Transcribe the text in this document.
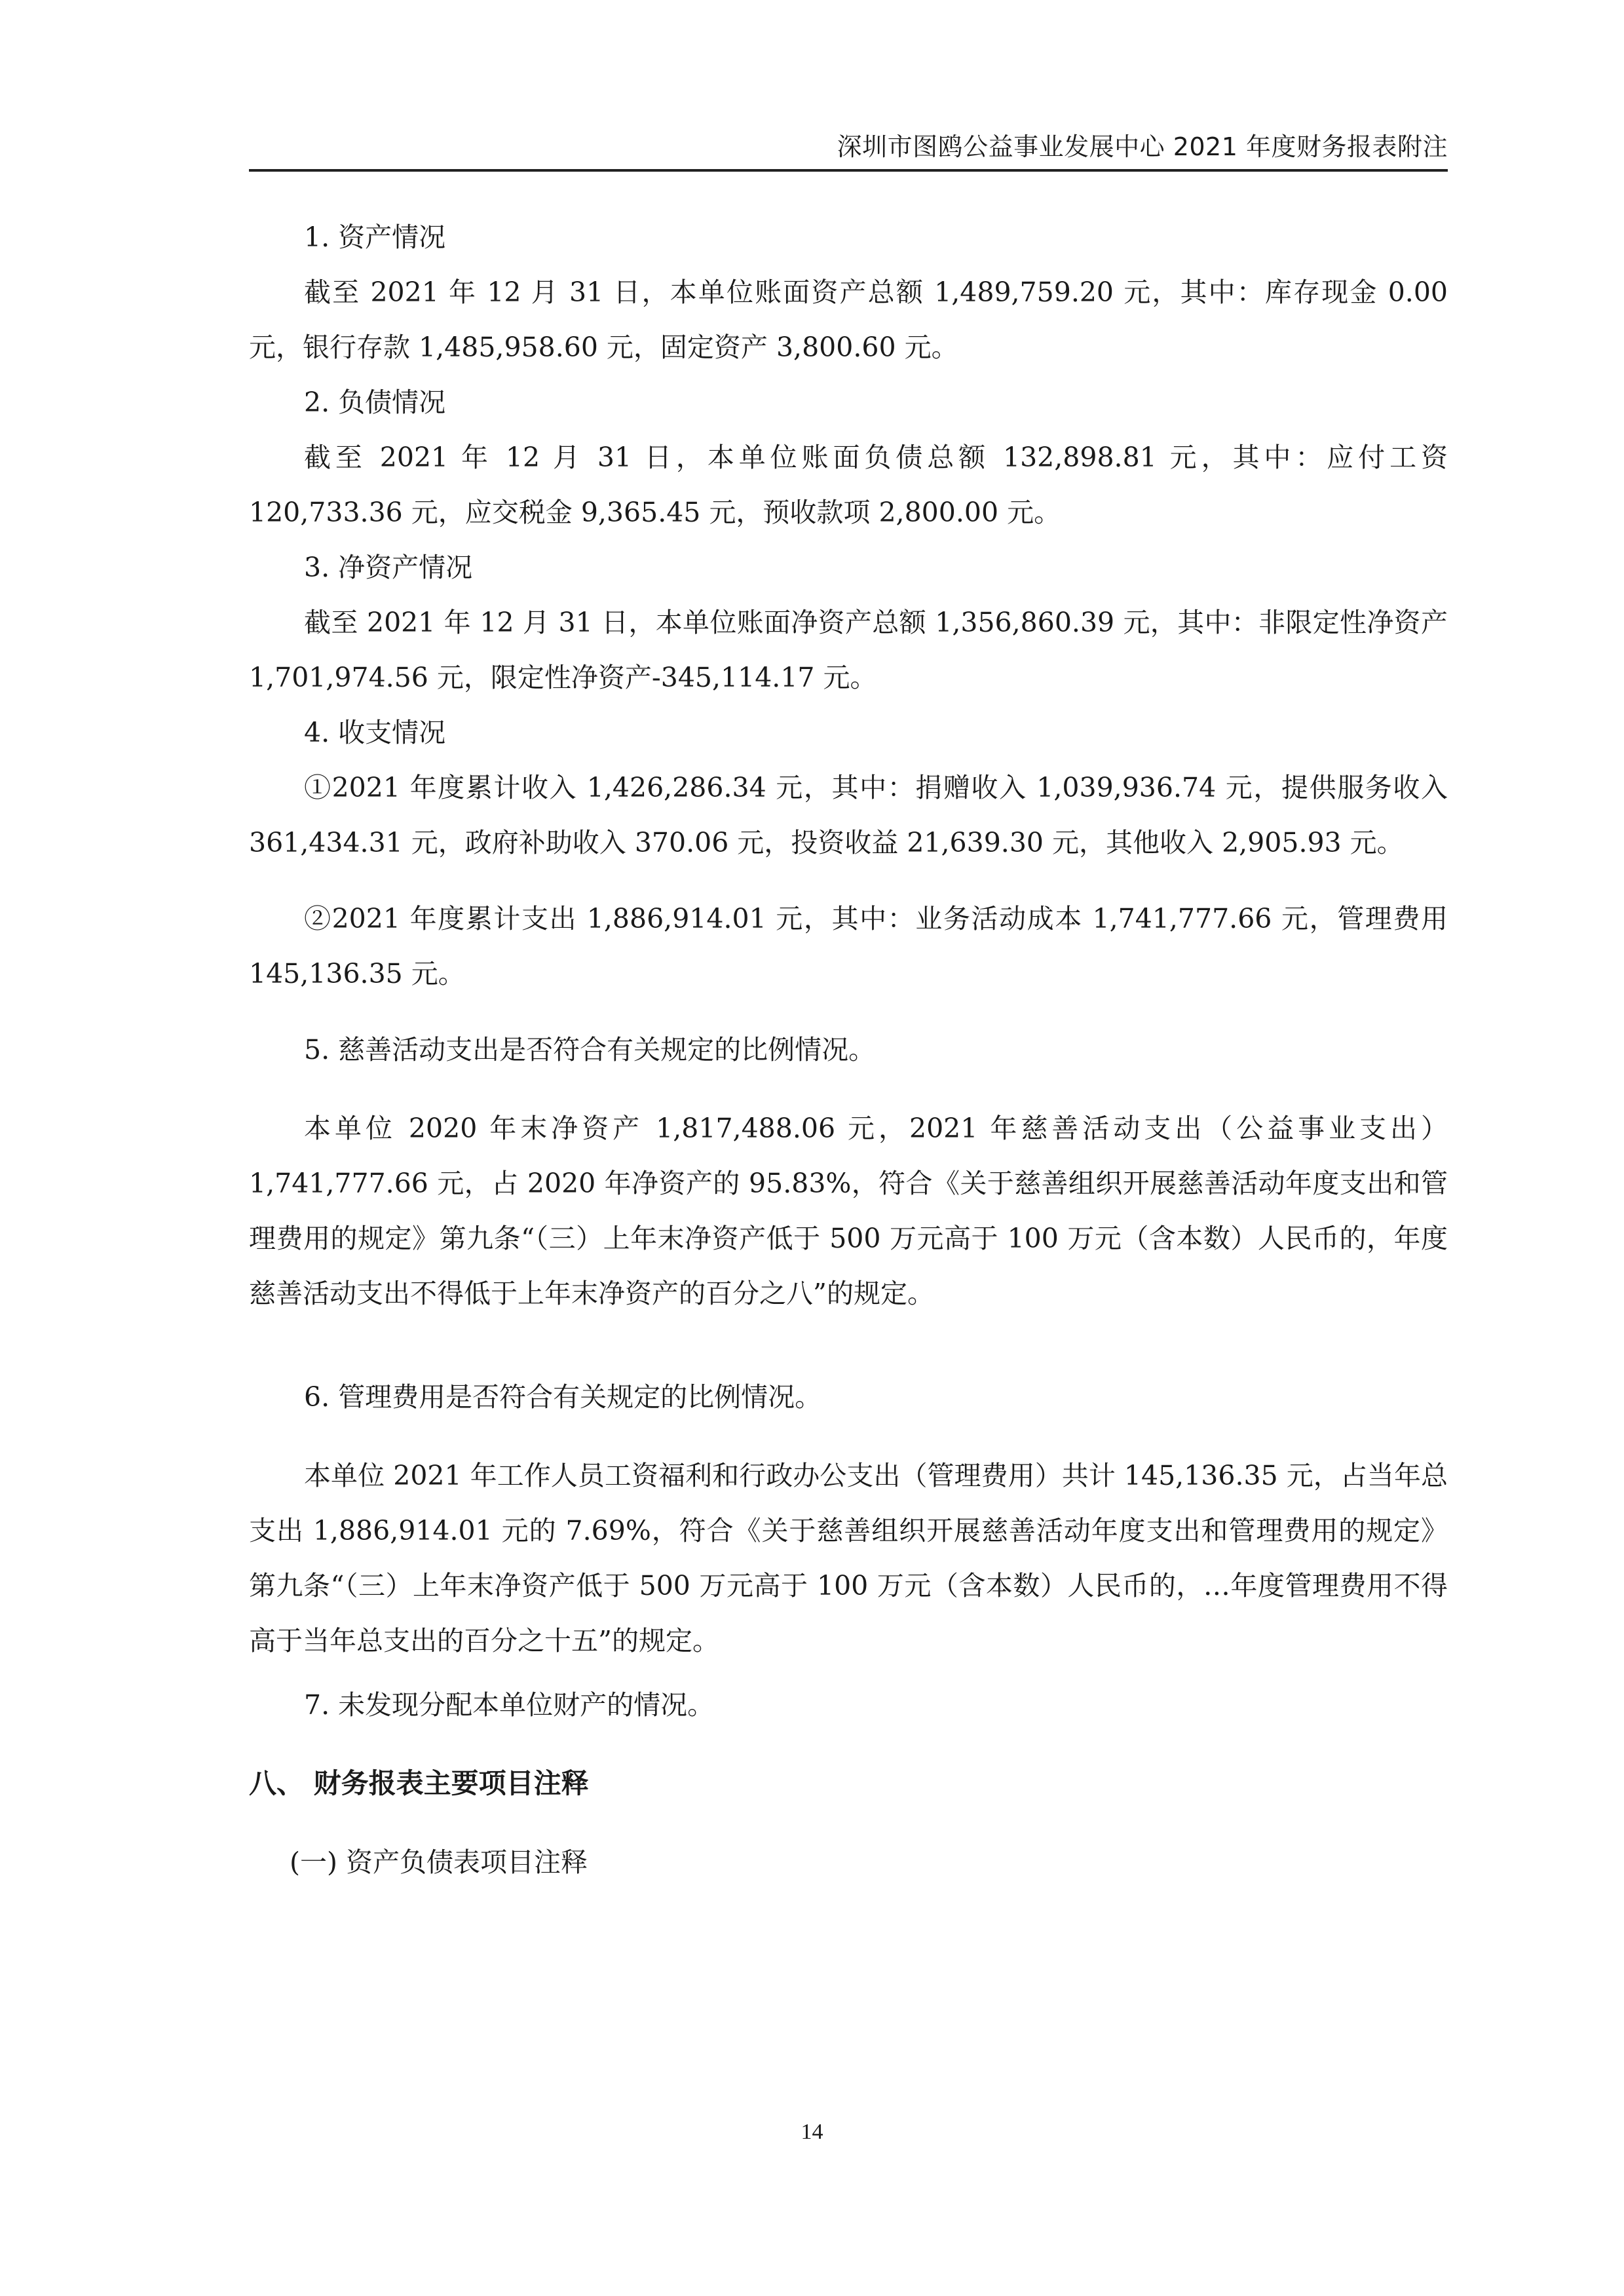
深圳市图鸥公益事业发展中心 2021 年度财务报表附注

1. 资产情况

截至 2021 年 12 月 31 日，本单位账面资产总额 1,489,759.20 元，其中：库存现金 0.00 元，银行存款 1,485,958.60 元，固定资产 3,800.60 元。

2. 负债情况

截至 2021 年 12 月 31 日，本单位账面负债总额 132,898.81 元，其中：应付工资 120,733.36 元，应交税金 9,365.45 元，预收款项 2,800.00 元。

3. 净资产情况

截至 2021 年 12 月 31 日，本单位账面净资产总额 1,356,860.39 元，其中：非限定性净资产 1,701,974.56 元，限定性净资产-345,114.17 元。

4. 收支情况

①2021 年度累计收入 1,426,286.34 元，其中：捐赠收入 1,039,936.74 元，提供服务收入 361,434.31 元，政府补助收入 370.06 元，投资收益 21,639.30 元，其他收入 2,905.93 元。

②2021 年度累计支出 1,886,914.01 元，其中：业务活动成本 1,741,777.66 元，管理费用 145,136.35 元。

5. 慈善活动支出是否符合有关规定的比例情况。

本单位 2020 年末净资产 1,817,488.06 元，2021 年慈善活动支出（公益事业支出）1,741,777.66 元，占 2020 年净资产的 95.83%，符合《关于慈善组织开展慈善活动年度支出和管理费用的规定》第九条“（三）上年末净资产低于 500 万元高于 100 万元（含本数）人民币的，年度慈善活动支出不得低于上年末净资产的百分之八”的规定。

6. 管理费用是否符合有关规定的比例情况。

本单位 2021 年工作人员工资福利和行政办公支出（管理费用）共计 145,136.35 元，占当年总支出 1,886,914.01 元的 7.69%，符合《关于慈善组织开展慈善活动年度支出和管理费用的规定》第九条“（三）上年末净资产低于 500 万元高于 100 万元（含本数）人民币的，…年度管理费用不得高于当年总支出的百分之十五”的规定。

7. 未发现分配本单位财产的情况。

八、 财务报表主要项目注释

(一) 资产负债表项目注释

14
